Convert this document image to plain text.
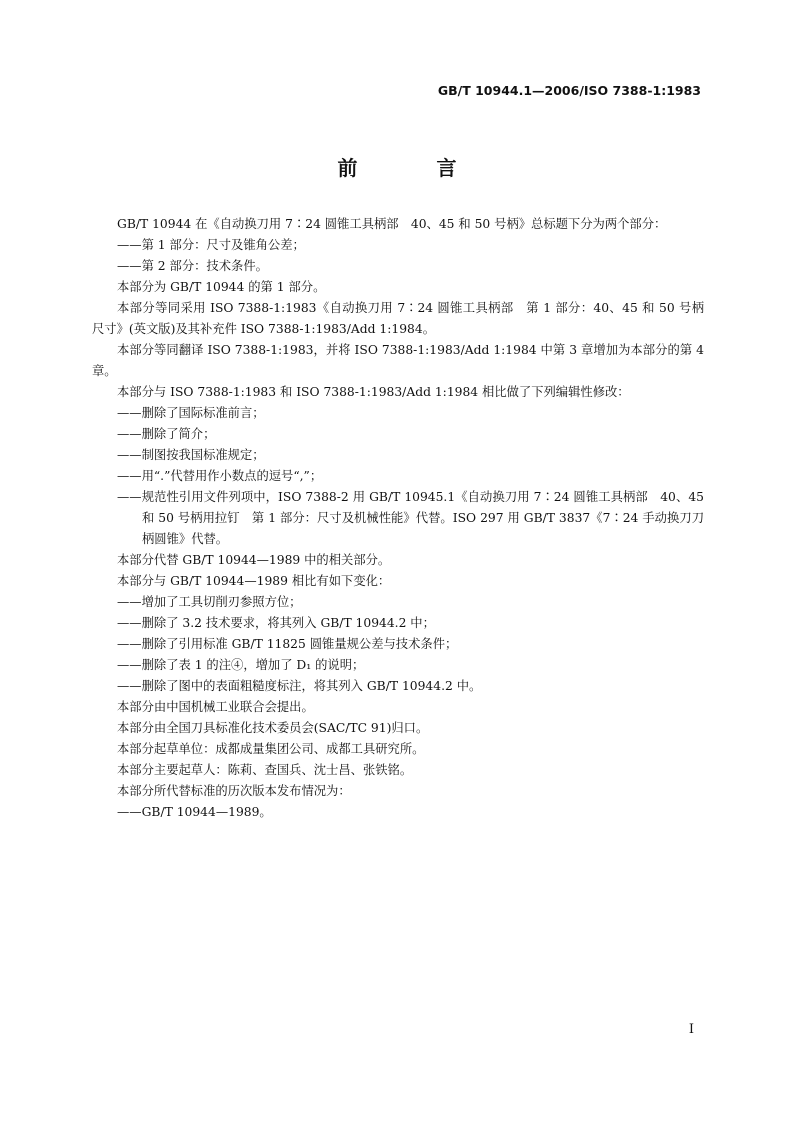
GB/T 10944.1—2006/ISO 7388-1:1983
前 言

GB/T 10944 在《自动换刀用 7∶24 圆锥工具柄部　40、45 和 50 号柄》总标题下分为两个部分：

——第 1 部分：尺寸及锥角公差；

——第 2 部分：技术条件。

本部分为 GB/T 10944 的第 1 部分。

本部分等同采用 ISO 7388-1:1983《自动换刀用 7∶24 圆锥工具柄部　第 1 部分：40、45 和 50 号柄　尺寸》(英文版)及其补充件 ISO 7388-1:1983/Add 1:1984。

本部分等同翻译 ISO 7388-1:1983，并将 ISO 7388-1:1983/Add 1:1984 中第 3 章增加为本部分的第 4 章。

本部分与 ISO 7388-1:1983 和 ISO 7388-1:1983/Add 1:1984 相比做了下列编辑性修改：

——删除了国际标准前言；

——删除了简介；

——制图按我国标准规定；

——用“.”代替用作小数点的逗号“,”；

——规范性引用文件列项中，ISO 7388-2 用 GB/T 10945.1《自动换刀用 7∶24 圆锥工具柄部　40、45 和 50 号柄用拉钉　第 1 部分：尺寸及机械性能》代替。ISO 297 用 GB/T 3837《7∶24 手动换刀刀柄圆锥》代替。

本部分代替 GB/T 10944—1989 中的相关部分。

本部分与 GB/T 10944—1989 相比有如下变化：

——增加了工具切削刃参照方位；

——删除了 3.2 技术要求，将其列入 GB/T 10944.2 中；

——删除了引用标准 GB/T 11825 圆锥量规公差与技术条件；

——删除了表 1 的注④，增加了 D₁ 的说明；

——删除了图中的表面粗糙度标注，将其列入 GB/T 10944.2 中。

本部分由中国机械工业联合会提出。

本部分由全国刀具标准化技术委员会(SAC/TC 91)归口。

本部分起草单位：成都成量集团公司、成都工具研究所。

本部分主要起草人：陈莉、查国兵、沈士昌、张铁铭。

本部分所代替标准的历次版本发布情况为：

——GB/T 10944—1989。

I
